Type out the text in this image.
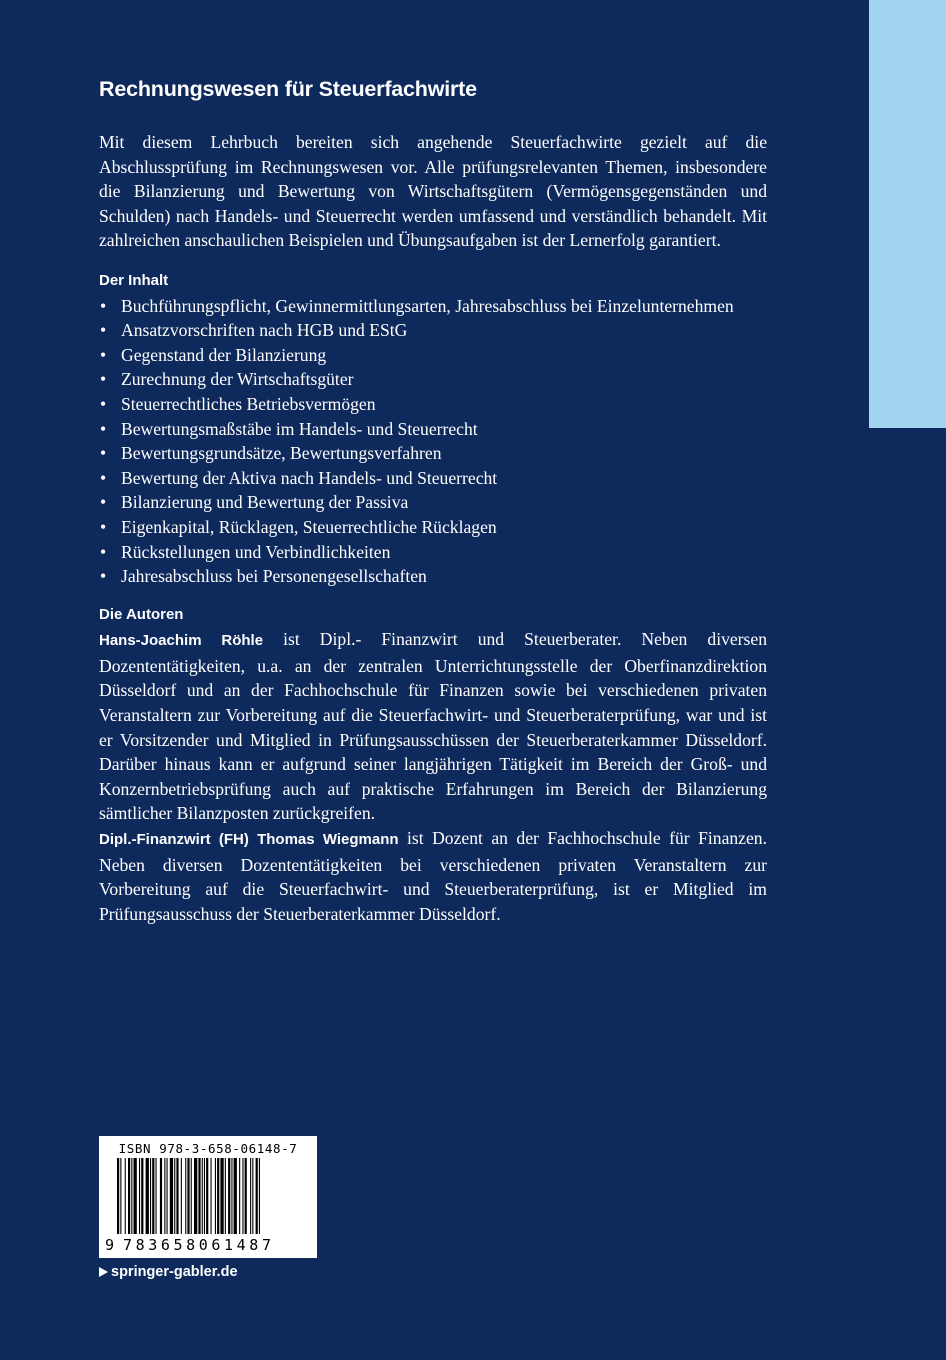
Rechnungswesen für Steuerfachwirte

Mit diesem Lehrbuch bereiten sich angehende Steuerfachwirte gezielt auf die Abschlussprüfung im Rechnungswesen vor. Alle prüfungsrelevanten Themen, insbesondere die Bilanzierung und Bewertung von Wirtschaftsgütern (Vermögensgegenständen und Schulden) nach Handels- und Steuerrecht werden umfassend und verständlich behandelt. Mit zahlreichen anschaulichen Beispielen und Übungsaufgaben ist der Lernerfolg garantiert.

Der Inhalt
• Buchführungspflicht, Gewinnermittlungsarten, Jahresabschluss bei Einzelunternehmen
• Ansatzvorschriften nach HGB und EStG
• Gegenstand der Bilanzierung
• Zurechnung der Wirtschaftsgüter
• Steuerrechtliches Betriebsvermögen
• Bewertungsmaßstäbe im Handels- und Steuerrecht
• Bewertungsgrundsätze, Bewertungsverfahren
• Bewertung der Aktiva nach Handels- und Steuerrecht
• Bilanzierung und Bewertung der Passiva
• Eigenkapital, Rücklagen, Steuerrechtliche Rücklagen
• Rückstellungen und Verbindlichkeiten
• Jahresabschluss bei Personengesellschaften
Die Autoren

Hans-Joachim Röhle ist Dipl.- Finanzwirt und Steuerberater. Neben diversen Dozententätigkeiten, u.a. an der zentralen Unterrichtungsstelle der Oberfinanzdirektion Düsseldorf und an der Fachhochschule für Finanzen sowie bei verschiedenen privaten Veranstaltern zur Vorbereitung auf die Steuerfachwirt- und Steuerberaterprüfung, war und ist er Vorsitzender und Mitglied in Prüfungsausschüssen der Steuerberaterkammer Düsseldorf. Darüber hinaus kann er aufgrund seiner langjährigen Tätigkeit im Bereich der Groß- und Konzernbetriebsprüfung auch auf praktische Erfahrungen im Bereich der Bilanzierung sämtlicher Bilanzposten zurückgreifen.

Dipl.-Finanzwirt (FH) Thomas Wiegmann ist Dozent an der Fachhochschule für Finanzen. Neben diversen Dozententätigkeiten bei verschiedenen privaten Veranstaltern zur Vorbereitung auf die Steuerfachwirt- und Steuerberaterprüfung, ist er Mitglied im Prüfungsausschuss der Steuerberaterkammer Düsseldorf.

ISBN 978-3-658-06148-7

9

783658061487

springer-gabler.de
